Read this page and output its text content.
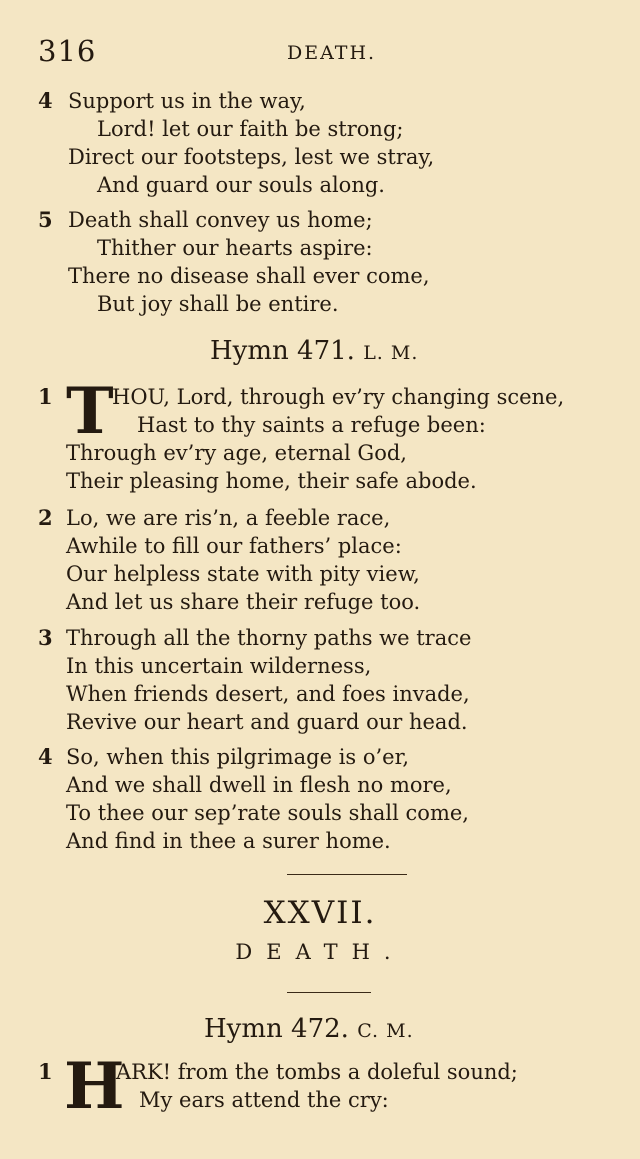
316	DEATH.
4 Support us in the way,
Lord! let our faith be strong;
Direct our footsteps, lest we stray,
And guard our souls along.
5 Death shall convey us home;
Thither our hearts aspire:
There no disease shall ever come,
But joy shall be entire.
Hymn 471. L. M.
1 T
HOU, Lord, through ev’ry changing scene,
Hast to thy saints a refuge been:
Through ev’ry age, eternal God,
Their pleasing home, their safe abode.
2 Lo, we are ris’n, a feeble race,
Awhile to fill our fathers’ place:
Our helpless state with pity view,
And let us share their refuge too.
3 Through all the thorny paths we trace
In this uncertain wilderness,
When friends desert, and foes invade,
Revive our heart and guard our head.
4 So, when this pilgrimage is o’er,
And we shall dwell in flesh no more,
To thee our sep’rate souls shall come,
And find in thee a surer home.
XXVII.
DEATH.
Hymn 472. C. M.
1 H
ARK! from the tombs a doleful sound;
My ears attend the cry:
